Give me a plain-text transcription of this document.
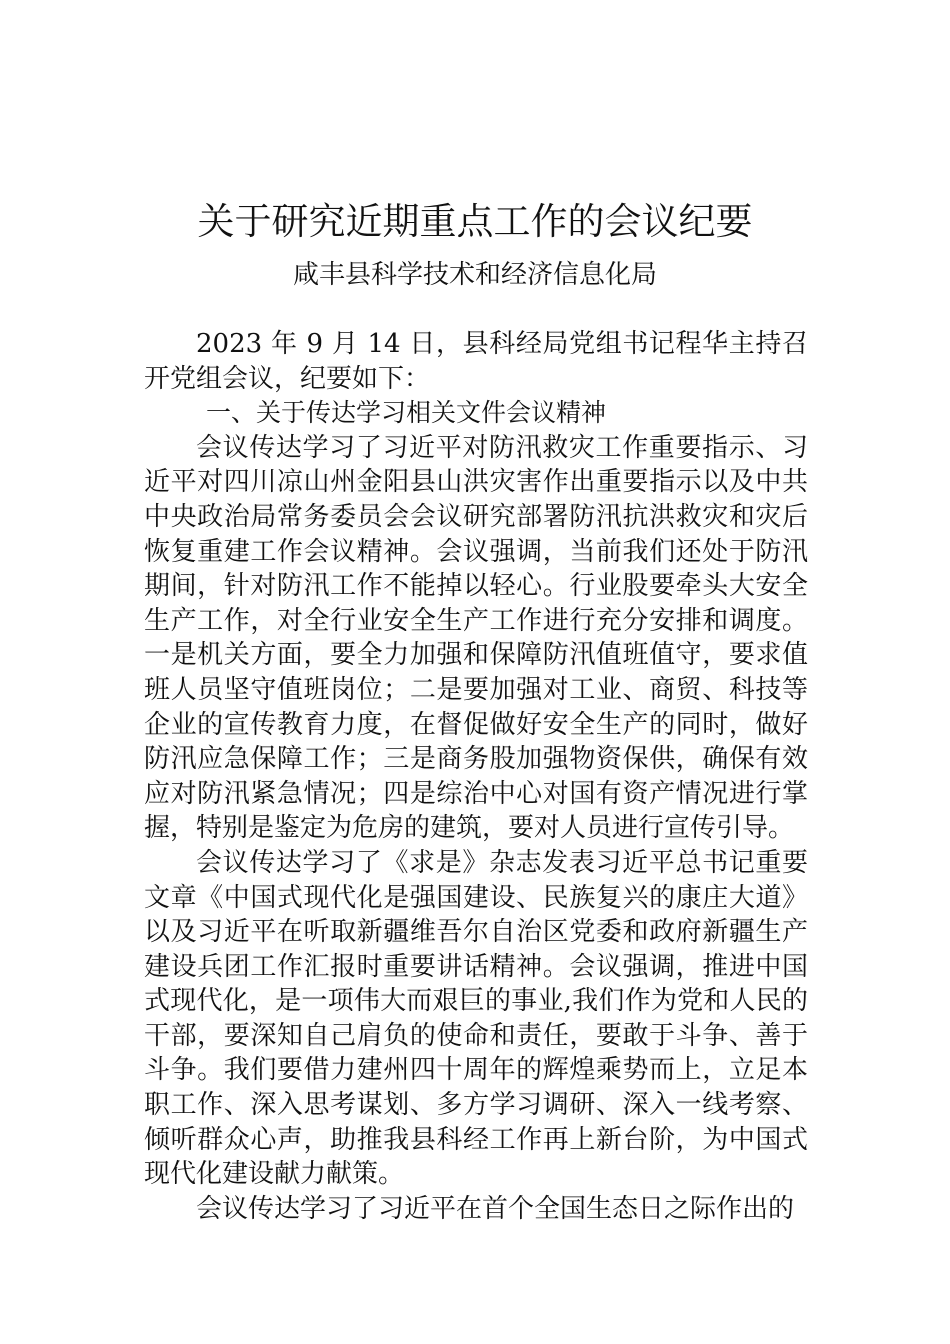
关于研究近期重点工作的会议纪要

咸丰县科学技术和经济信息化局

2023 年 9 月 14 日，县科经局党组书记程华主持召开党组会议，纪要如下：

一、关于传达学习相关文件会议精神

会议传达学习了习近平对防汛救灾工作重要指示、习近平对四川凉山州金阳县山洪灾害作出重要指示以及中共中央政治局常务委员会会议研究部署防汛抗洪救灾和灾后恢复重建工作会议精神。会议强调，当前我们还处于防汛期间，针对防汛工作不能掉以轻心。行业股要牵头大安全生产工作，对全行业安全生产工作进行充分安排和调度。一是机关方面，要全力加强和保障防汛值班值守，要求值班人员坚守值班岗位；二是要加强对工业、商贸、科技等企业的宣传教育力度，在督促做好安全生产的同时，做好防汛应急保障工作；三是商务股加强物资保供，确保有效应对防汛紧急情况；四是综治中心对国有资产情况进行掌握，特别是鉴定为危房的建筑，要对人员进行宣传引导。

会议传达学习了《求是》杂志发表习近平总书记重要文章《中国式现代化是强国建设、民族复兴的康庄大道》以及习近平在听取新疆维吾尔自治区党委和政府新疆生产建设兵团工作汇报时重要讲话精神。会议强调，推进中国式现代化，是一项伟大而艰巨的事业,我们作为党和人民的干部，要深知自己肩负的使命和责任，要敢于斗争、善于斗争。我们要借力建州四十周年的辉煌乘势而上，立足本职工作、深入思考谋划、多方学习调研、深入一线考察、倾听群众心声，助推我县科经工作再上新台阶，为中国式现代化建设献力献策。

会议传达学习了习近平在首个全国生态日之际作出的
